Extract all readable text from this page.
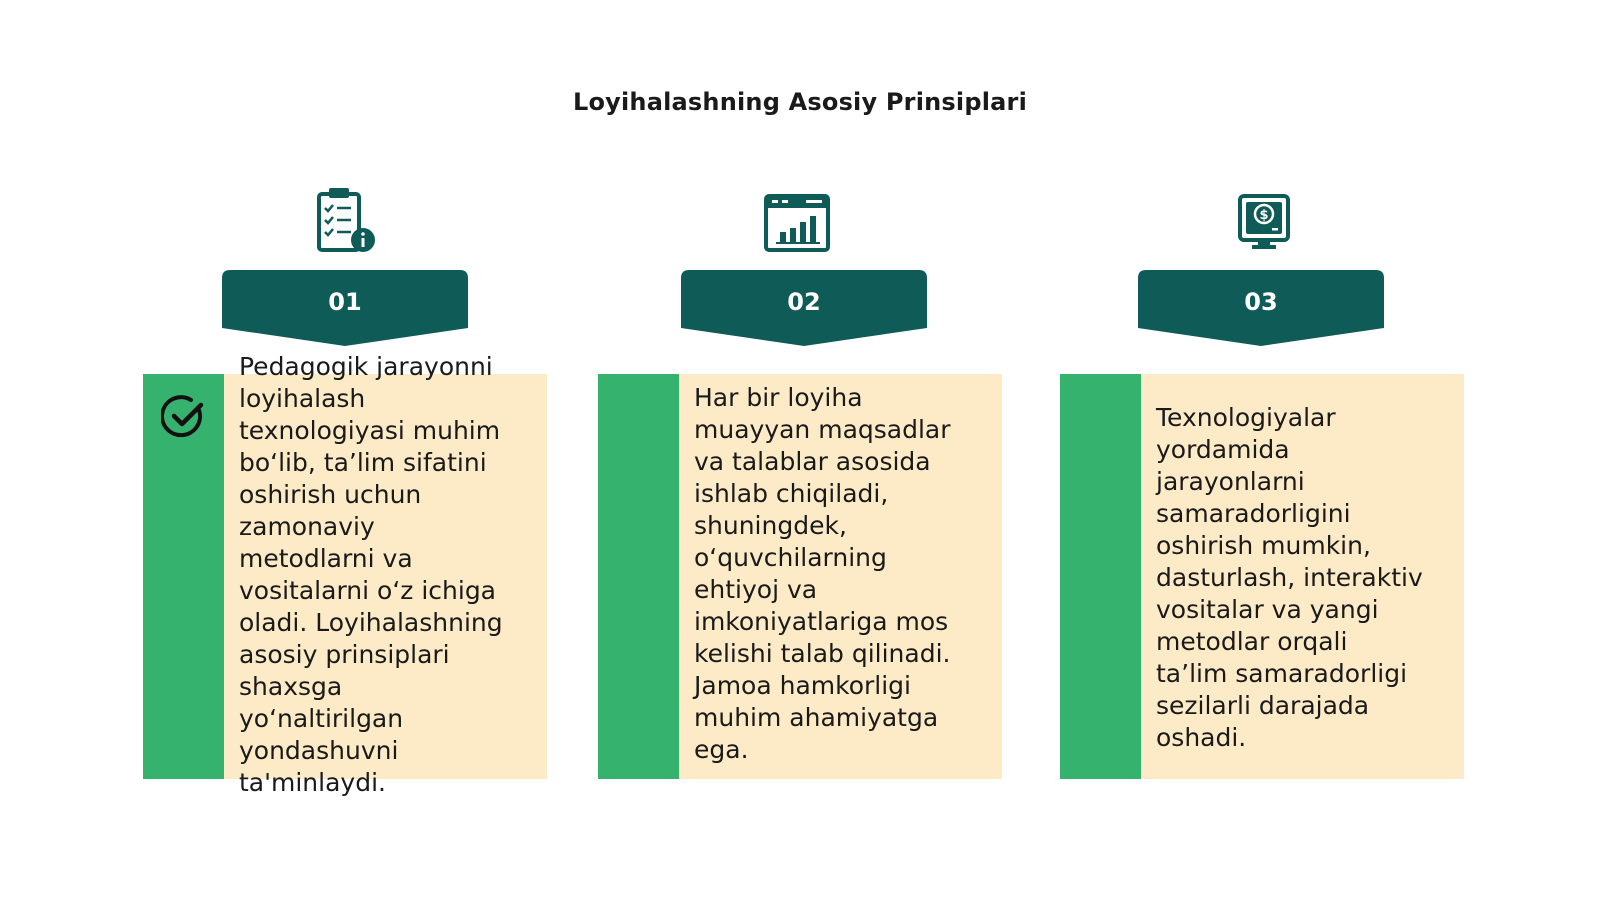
Loyihalashning Asosiy Prinsiplari
01
Pedagogik jarayonni
loyihalash
texnologiyasi muhim
bo‘lib, ta’lim sifatini
oshirish uchun
zamonaviy
metodlarni va
vositalarni o‘z ichiga
oladi. Loyihalashning
asosiy prinsiplari
shaxsga
yo‘naltirilgan
yondashuvni
ta'minlaydi.
02
Har bir loyiha
muayyan maqsadlar
va talablar asosida
ishlab chiqiladi,
shuningdek,
o‘quvchilarning
ehtiyoj va
imkoniyatlariga mos
kelishi talab qilinadi.
Jamoa hamkorligi
muhim ahamiyatga
ega.
$
03
Texnologiyalar
yordamida
jarayonlarni
samaradorligini
oshirish mumkin,
dasturlash, interaktiv
vositalar va yangi
metodlar orqali
ta’lim samaradorligi
sezilarli darajada
oshadi.
